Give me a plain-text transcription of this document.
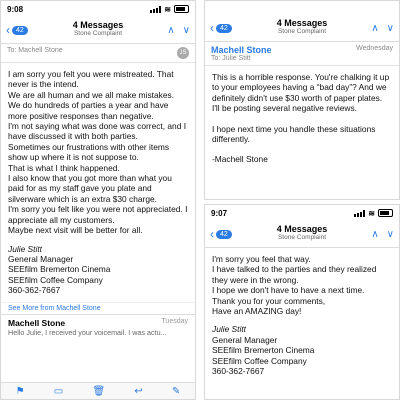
9:08	≋
‹ 42	4 Messages
Stone Complaint	∧ ∨
To: Machell Stone	JS

I am sorry you felt you were mistreated. That never is the intend.

We are all human and we all make mistakes. We do hundreds of parties a year and have more positive responses than negative.

I'm not saying what was done was correct, and I have discussed it with both parties.

Sometimes our frustrations with other items show up where it is not suppose to.

That is what I think happened.

I also know that you got more than what you paid for as my staff gave you plate and silverware which is an extra $30 charge.

I'm sorry you felt like you were not appreciated. I appreciate all my customers.

Maybe next visit will be better for all.

Julie Stitt

General Manager

SEEfilm Bremerton Cinema

SEEfilm Coffee Company

360-362-7667

See More from Machell Stone
Machell Stone	Tuesday
Hello Julie, I received your voicemail. I was actu...
⚑	▭	🗑	↩	✎
‹ 42	4 Messages
Stone Complaint	∧ ∨
Machell Stone	Wednesday
To: Julie Stitt

This is a horrible response. You're chalking it up to your employees having a “bad day”? And we definitely didn't use $30 worth of paper plates. I'll be posting several negative reviews.

I hope next time you handle these situations differently.

-Machell Stone

9:07	≋
‹ 42	4 Messages
Stone Complaint	∧ ∨

I'm sorry you feel that way.

I have talked to the parties and they realized they were in the wrong.

I hope we don't have to have a next time.

Thank you for your comments,

Have an AMAZING day!

Julie Stitt

General Manager

SEEfilm Bremerton Cinema

SEEfilm Coffee Company

360-362-7667
